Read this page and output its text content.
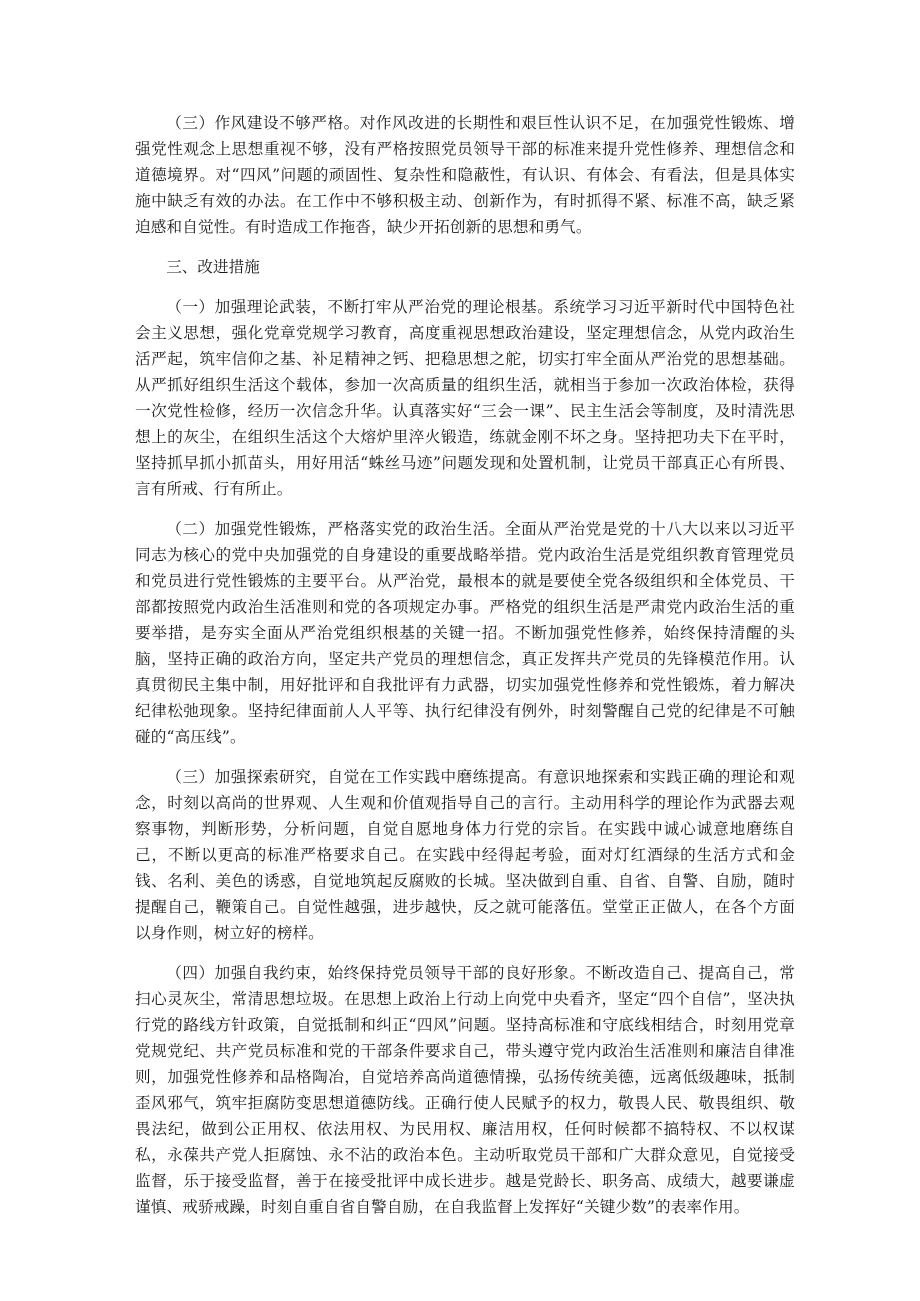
（三）作风建设不够严格。对作风改进的长期性和艰巨性认识不足，在加强党性锻炼、增强党性观念上思想重视不够，没有严格按照党员领导干部的标准来提升党性修养、理想信念和道德境界。对“四风”问题的顽固性、复杂性和隐蔽性，有认识、有体会、有看法，但是具体实施中缺乏有效的办法。在工作中不够积极主动、创新作为，有时抓得不紧、标准不高，缺乏紧迫感和自觉性。有时造成工作拖沓，缺少开拓创新的思想和勇气。

三、改进措施

（一）加强理论武装，不断打牢从严治党的理论根基。系统学习习近平新时代中国特色社会主义思想，强化党章党规学习教育，高度重视思想政治建设，坚定理想信念，从党内政治生活严起，筑牢信仰之基、补足精神之钙、把稳思想之舵，切实打牢全面从严治党的思想基础。从严抓好组织生活这个载体，参加一次高质量的组织生活，就相当于参加一次政治体检，获得一次党性检修，经历一次信念升华。认真落实好“三会一课”、民主生活会等制度，及时清洗思想上的灰尘，在组织生活这个大熔炉里淬火锻造，练就金刚不坏之身。坚持把功夫下在平时，坚持抓早抓小抓苗头，用好用活“蛛丝马迹”问题发现和处置机制，让党员干部真正心有所畏、言有所戒、行有所止。

（二）加强党性锻炼，严格落实党的政治生活。全面从严治党是党的十八大以来以习近平同志为核心的党中央加强党的自身建设的重要战略举措。党内政治生活是党组织教育管理党员和党员进行党性锻炼的主要平台。从严治党，最根本的就是要使全党各级组织和全体党员、干部都按照党内政治生活准则和党的各项规定办事。严格党的组织生活是严肃党内政治生活的重要举措，是夯实全面从严治党组织根基的关键一招。不断加强党性修养，始终保持清醒的头脑，坚持正确的政治方向，坚定共产党员的理想信念，真正发挥共产党员的先锋模范作用。认真贯彻民主集中制，用好批评和自我批评有力武器，切实加强党性修养和党性锻炼，着力解决纪律松弛现象。坚持纪律面前人人平等、执行纪律没有例外，时刻警醒自己党的纪律是不可触碰的“高压线”。

（三）加强探索研究，自觉在工作实践中磨练提高。有意识地探索和实践正确的理论和观念，时刻以高尚的世界观、人生观和价值观指导自己的言行。主动用科学的理论作为武器去观察事物，判断形势，分析问题，自觉自愿地身体力行党的宗旨。在实践中诚心诚意地磨练自己，不断以更高的标准严格要求自己。在实践中经得起考验，面对灯红酒绿的生活方式和金钱、名利、美色的诱惑，自觉地筑起反腐败的长城。坚决做到自重、自省、自警、自励，随时提醒自己，鞭策自己。自觉性越强，进步越快，反之就可能落伍。堂堂正正做人，在各个方面以身作则，树立好的榜样。

（四）加强自我约束，始终保持党员领导干部的良好形象。不断改造自己、提高自己，常扫心灵灰尘，常清思想垃圾。在思想上政治上行动上向党中央看齐，坚定“四个自信”，坚决执行党的路线方针政策，自觉抵制和纠正“四风”问题。坚持高标准和守底线相结合，时刻用党章党规党纪、共产党员标准和党的干部条件要求自己，带头遵守党内政治生活准则和廉洁自律准则，加强党性修养和品格陶冶，自觉培养高尚道德情操，弘扬传统美德，远离低级趣味，抵制歪风邪气，筑牢拒腐防变思想道德防线。正确行使人民赋予的权力，敬畏人民、敬畏组织、敬畏法纪，做到公正用权、依法用权、为民用权、廉洁用权，任何时候都不搞特权、不以权谋私，永葆共产党人拒腐蚀、永不沾的政治本色。主动听取党员干部和广大群众意见，自觉接受监督，乐于接受监督，善于在接受批评中成长进步。越是党龄长、职务高、成绩大，越要谦虚谨慎、戒骄戒躁，时刻自重自省自警自励，在自我监督上发挥好“关键少数”的表率作用。
